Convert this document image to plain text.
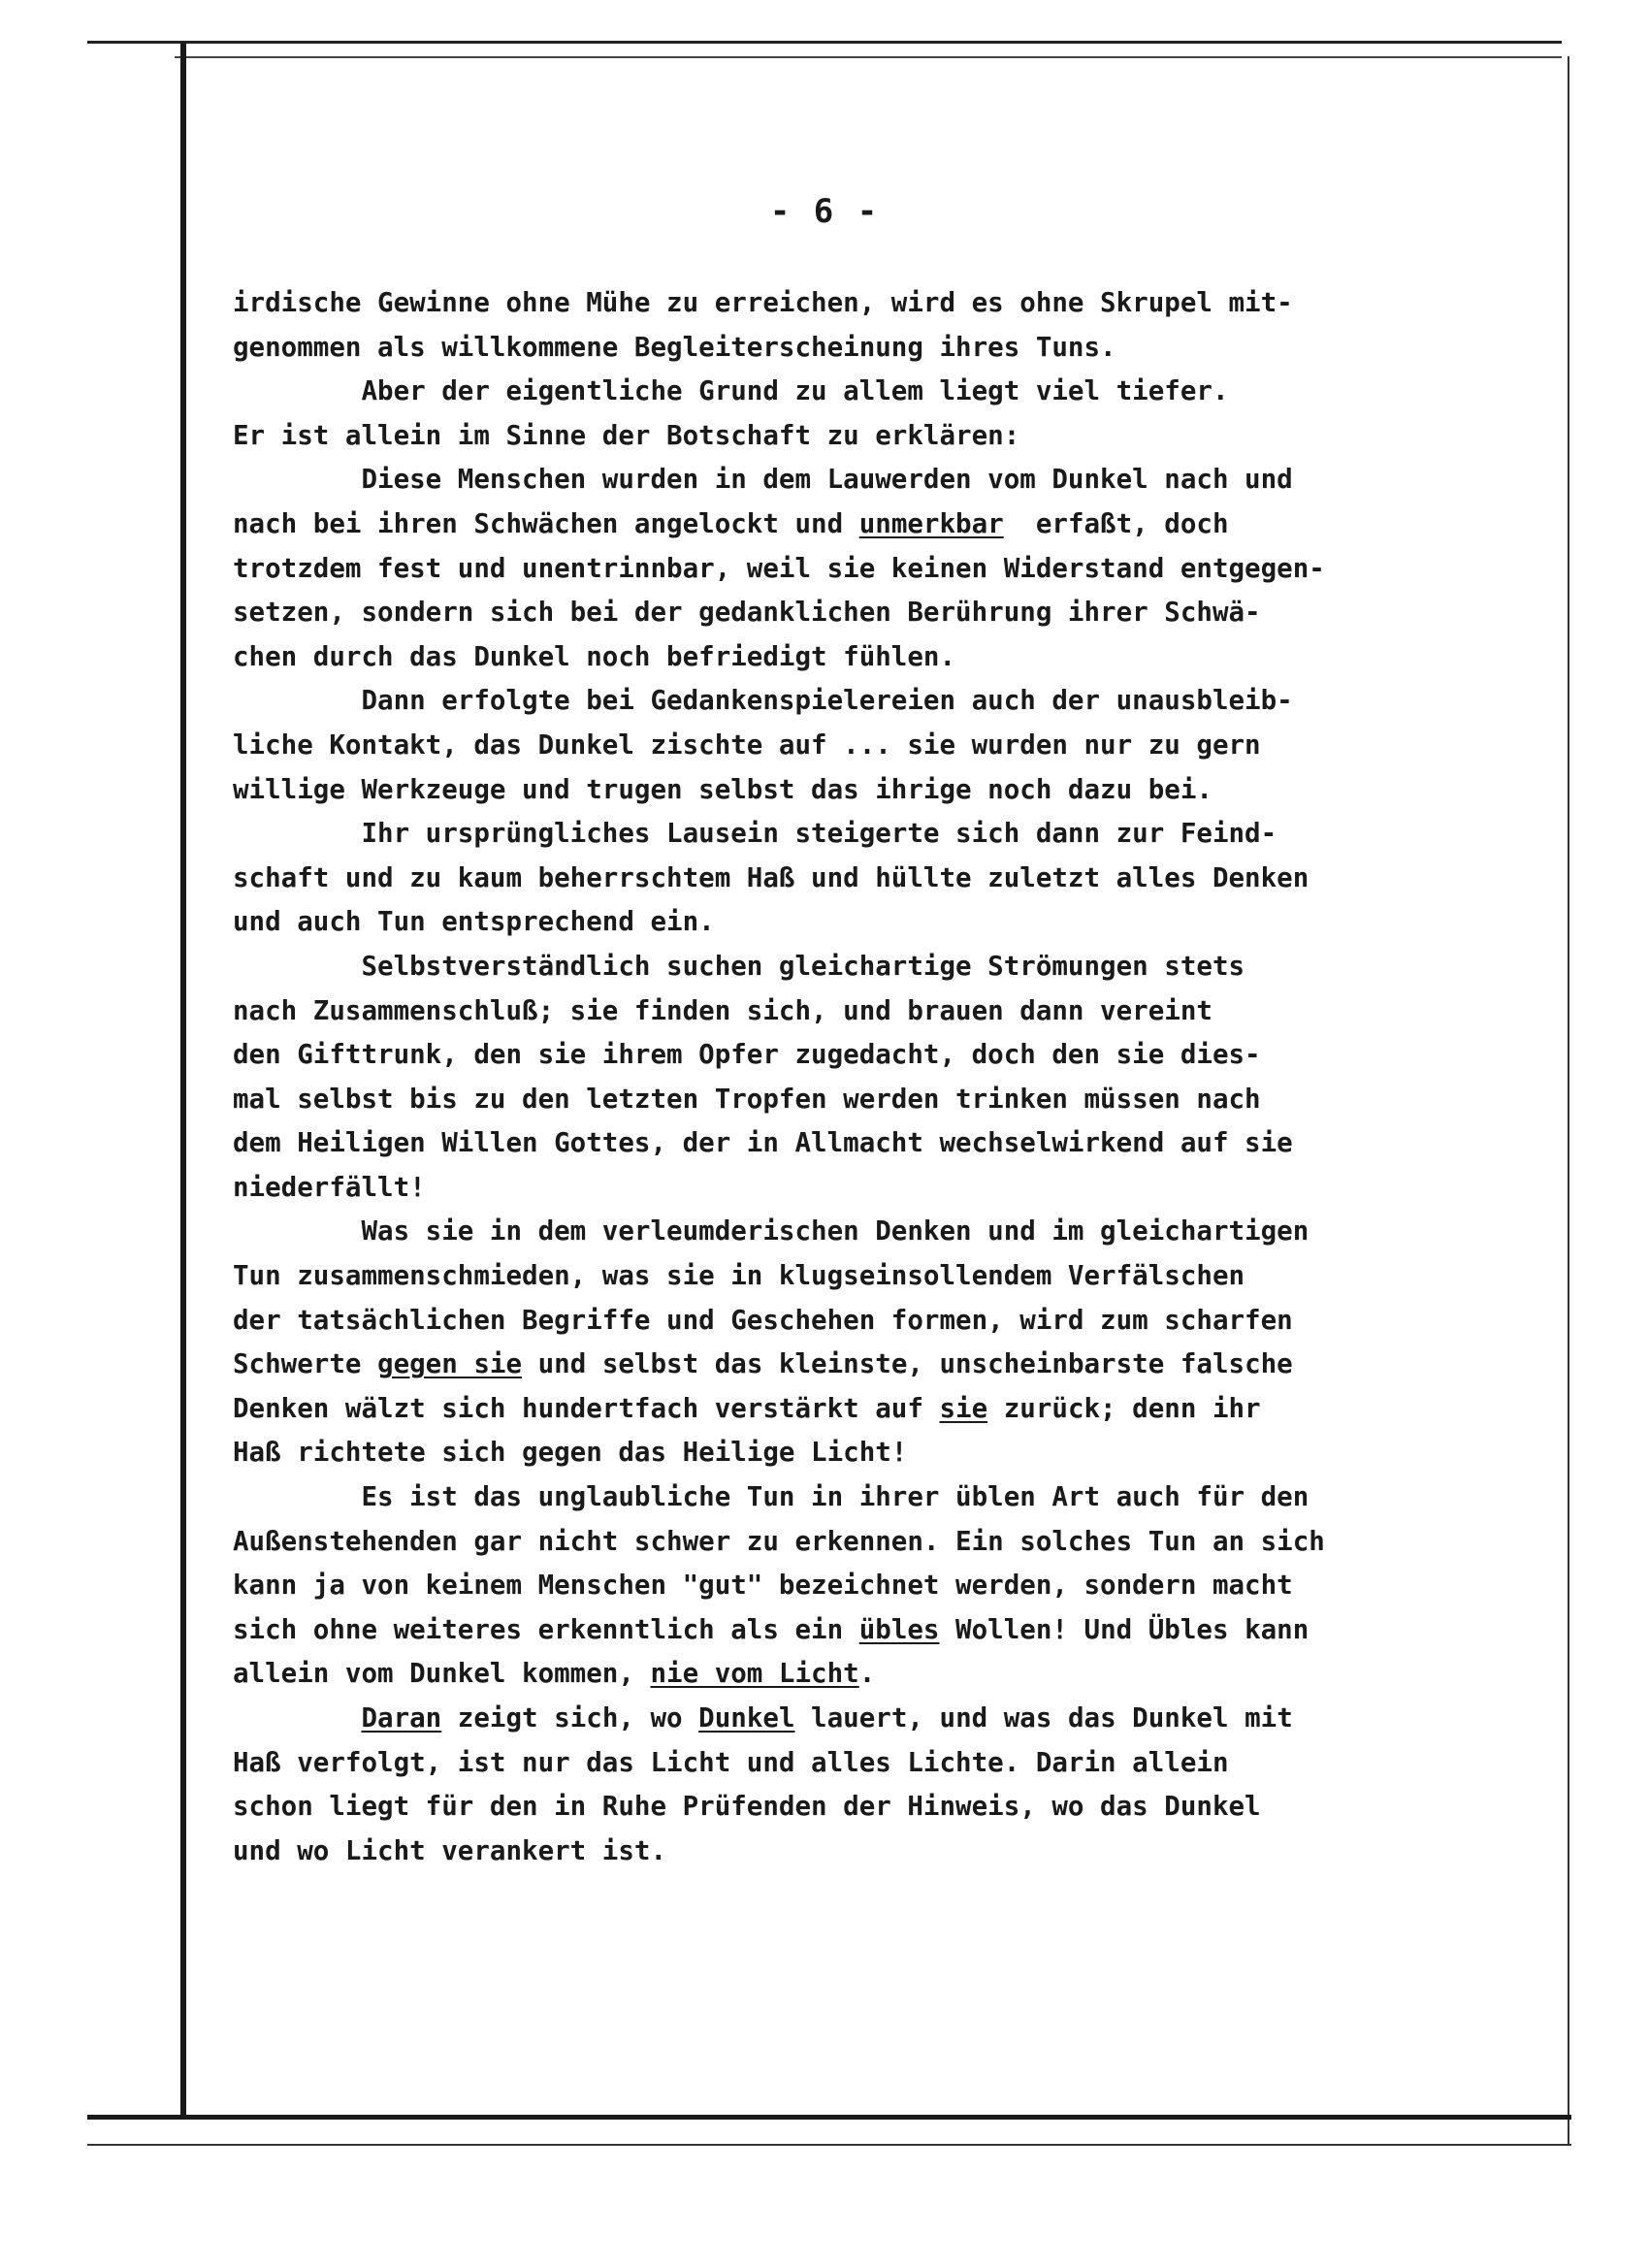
- 6 -
irdische Gewinne ohne Mühe zu erreichen, wird es ohne Skrupel mit-
genommen als willkommene Begleiterscheinung ihres Tuns.
Aber der eigentliche Grund zu allem liegt viel tiefer.
Er ist allein im Sinne der Botschaft zu erklären:
Diese Menschen wurden in dem Lauwerden vom Dunkel nach und
nach bei ihren Schwächen angelockt und unmerkbar  erfaßt, doch
trotzdem fest und unentrinnbar, weil sie keinen Widerstand entgegen-
setzen, sondern sich bei der gedanklichen Berührung ihrer Schwä-
chen durch das Dunkel noch befriedigt fühlen.
Dann erfolgte bei Gedankenspielereien auch der unausbleib-
liche Kontakt, das Dunkel zischte auf ... sie wurden nur zu gern
willige Werkzeuge und trugen selbst das ihrige noch dazu bei.
Ihr ursprüngliches Lausein steigerte sich dann zur Feind-
schaft und zu kaum beherrschtem Haß und hüllte zuletzt alles Denken
und auch Tun entsprechend ein.
Selbstverständlich suchen gleichartige Strömungen stets
nach Zusammenschluß; sie finden sich, und brauen dann vereint
den Gifttrunk, den sie ihrem Opfer zugedacht, doch den sie dies-
mal selbst bis zu den letzten Tropfen werden trinken müssen nach
dem Heiligen Willen Gottes, der in Allmacht wechselwirkend auf sie
niederfällt!
Was sie in dem verleumderischen Denken und im gleichartigen
Tun zusammenschmieden, was sie in klugseinsollendem Verfälschen
der tatsächlichen Begriffe und Geschehen formen, wird zum scharfen
Schwerte gegen sie und selbst das kleinste, unscheinbarste falsche
Denken wälzt sich hundertfach verstärkt auf sie zurück; denn ihr
Haß richtete sich gegen das Heilige Licht!
Es ist das unglaubliche Tun in ihrer üblen Art auch für den
Außenstehenden gar nicht schwer zu erkennen. Ein solches Tun an sich
kann ja von keinem Menschen "gut" bezeichnet werden, sondern macht
sich ohne weiteres erkenntlich als ein übles Wollen! Und Übles kann
allein vom Dunkel kommen, nie vom Licht.
Daran zeigt sich, wo Dunkel lauert, und was das Dunkel mit
Haß verfolgt, ist nur das Licht und alles Lichte. Darin allein
schon liegt für den in Ruhe Prüfenden der Hinweis, wo das Dunkel
und wo Licht verankert ist.
